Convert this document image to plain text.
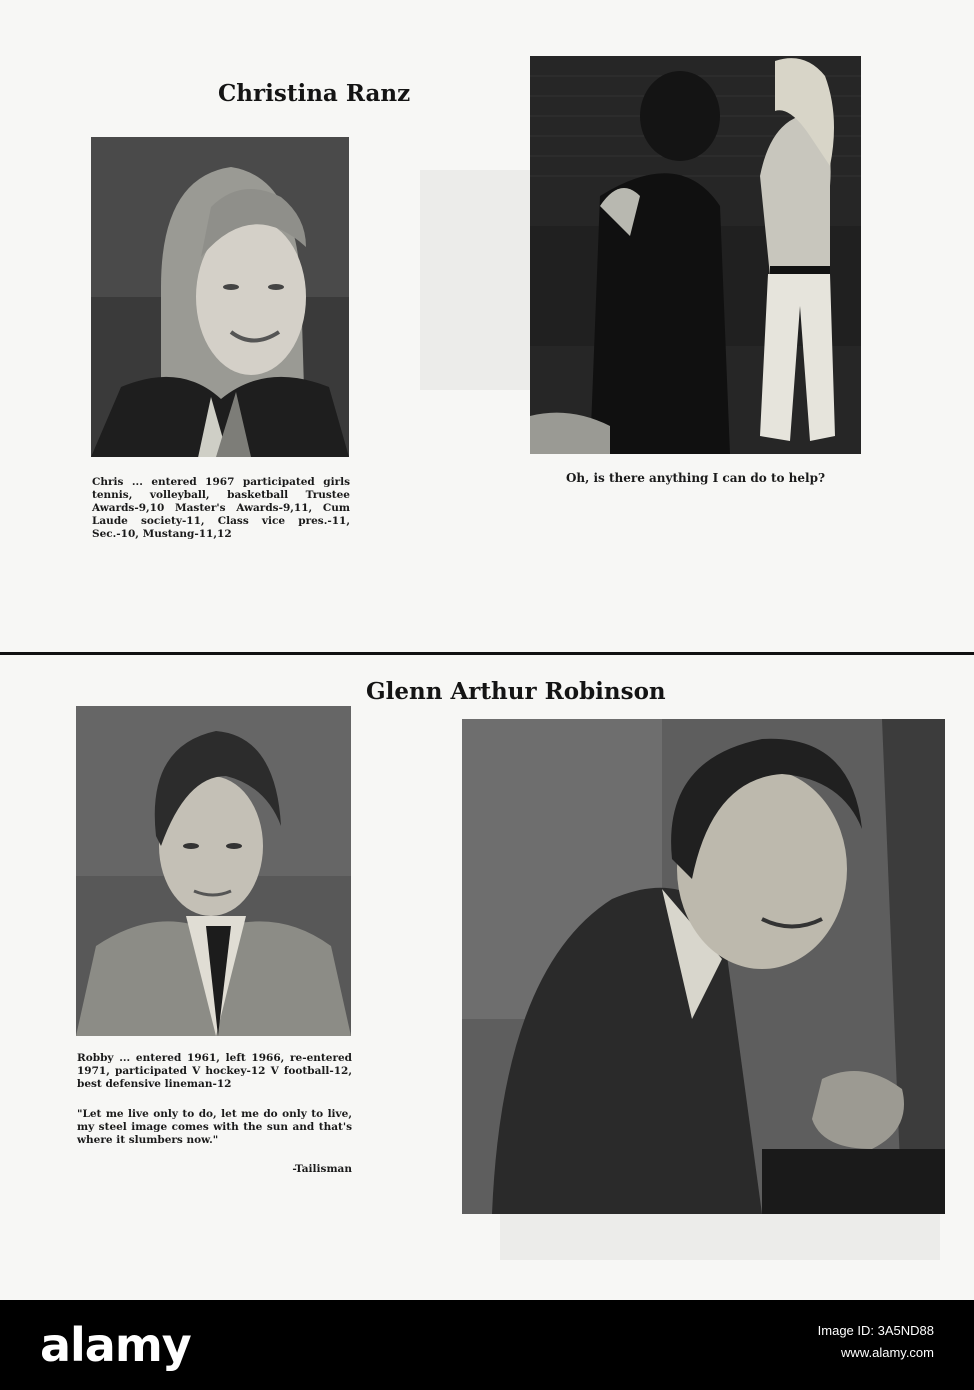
Christina Ranz
Chris ... entered 1967 participated girls tennis, volleyball, basketball Trustee Awards-9,10 Master's Awards-9,11, Cum Laude society-11, Class vice pres.-11, Sec.-10, Mustang-11,12
Oh, is there anything I can do to help?
Glenn Arthur Robinson
Robby ... entered 1961, left 1966, re-entered 1971, participated V hockey-12 V football-12, best defensive lineman-12
"Let me live only to do, let me do only to live, my steel image comes with the sun and that's where it slumbers now."
-Tailisman
alamy	Image ID: 3A5ND88
www.alamy.com
